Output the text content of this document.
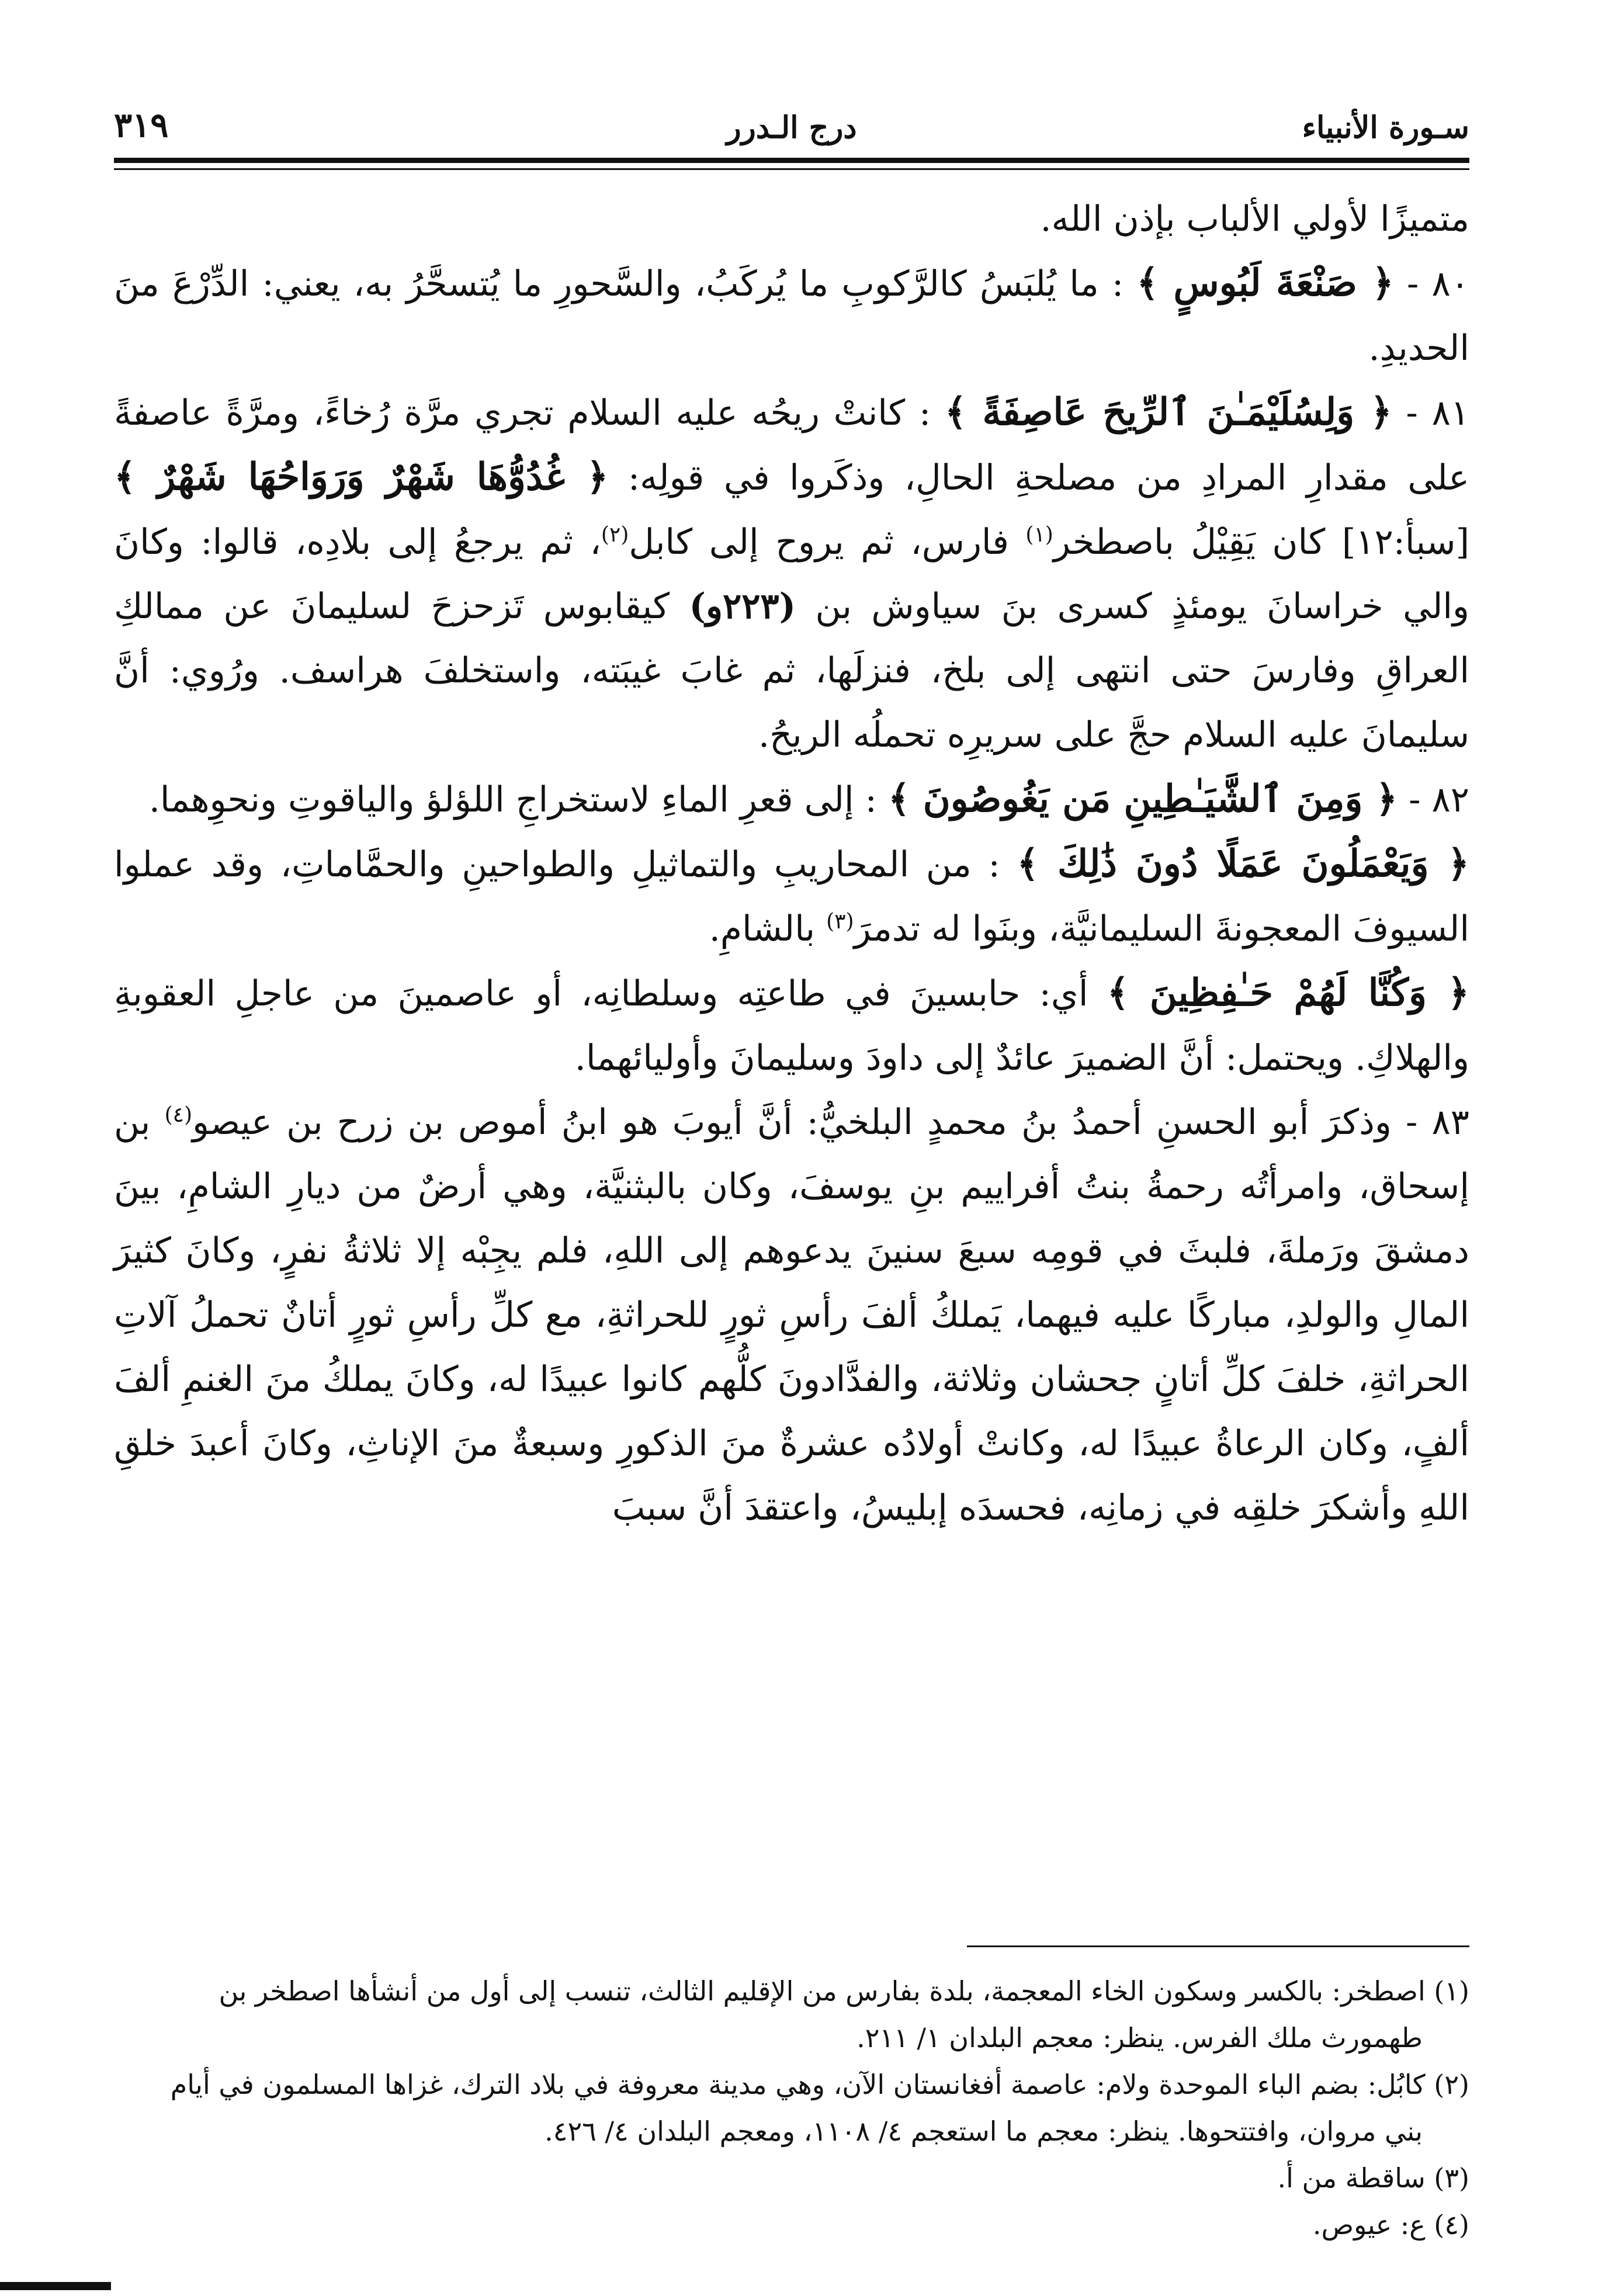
سـورة الأنبياء
درج الـدرر
٣١٩

متميزًا لأولي الألباب بإذن الله.

٨٠ - ﴿ صَنْعَةَ لَبُوسٍ ﴾ : ما يُلبَسُ كالرَّكوبِ ما يُركَبُ، والسَّحورِ ما يُتسحَّرُ به، يعني: الدِّرْعَ منَ الحديدِ.

٨١ - ﴿ وَلِسُلَيْمَـٰنَ ٱلرِّيحَ عَاصِفَةً ﴾ : كانتْ ريحُه عليه السلام تجري مرَّة رُخاءً، ومرَّةً عاصفةً على مقدارِ المرادِ من مصلحةِ الحالِ، وذكَروا في قولِه: ﴿ غُدُوُّهَا شَهْرٌ وَرَوَاحُهَا شَهْرٌ ﴾ [سبأ:١٢] كان يَقِيْلُ باصطخر$^{(١)}$ فارس، ثم يروح إلى كابل$^{(٢)}$، ثم يرجعُ إلى بلادِه، قالوا: وكانَ والي خراسانَ يومئذٍ كسرى بنَ سياوش بن (٢٢٣و) كيقابوس تَزحزحَ لسليمانَ عن ممالكِ العراقِ وفارسَ حتى انتهى إلى بلخ، فنزلَها، ثم غابَ غيبَته، واستخلفَ هراسف. ورُوي: أنَّ سليمانَ عليه السلام حجَّ على سريرِه تحملُه الريحُ.

٨٢ - ﴿ وَمِنَ ٱلشَّيَـٰطِينِ مَن يَغُوصُونَ ﴾ : إلى قعرِ الماءِ لاستخراجِ اللؤلؤ والياقوتِ ونحوِهما.

﴿ وَيَعْمَلُونَ عَمَلًا دُونَ ذَٰلِكَ ﴾ : من المحاريبِ والتماثيلِ والطواحينِ والحمَّاماتِ، وقد عملوا السيوفَ المعجونةَ السليمانيَّة، وبنَوا له تدمرَ$^{(٣)}$ بالشامِ.

﴿ وَكُنَّا لَهُمْ حَـٰفِظِينَ ﴾ أي: حابسينَ في طاعتِه وسلطانِه، أو عاصمينَ من عاجلِ العقوبةِ والهلاكِ. ويحتمل: أنَّ الضميرَ عائدٌ إلى داودَ وسليمانَ وأوليائهما.

٨٣ - وذكرَ أبو الحسنِ أحمدُ بنُ محمدٍ البلخيُّ: أنَّ أيوبَ هو ابنُ أموص بن زرح بن عيصو$^{(٤)}$ بن إسحاق، وامرأتُه رحمةُ بنتُ أفراييم بنِ يوسفَ، وكان بالبثنيَّة، وهي أرضٌ من ديارِ الشامِ، بينَ دمشقَ ورَملةَ، فلبثَ في قومِه سبعَ سنينَ يدعوهم إلى اللهِ، فلم يجِبْه إلا ثلاثةُ نفرٍ، وكانَ كثيرَ المالِ والولدِ، مباركًا عليه فيهما، يَملكُ ألفَ رأسِ ثورٍ للحراثةِ، مع كلِّ رأسِ ثورٍ أتانٌ تحملُ آلاتِ الحراثةِ، خلفَ كلِّ أتانٍ جحشان وثلاثة، والفدَّادونَ كلُّهم كانوا عبيدًا له، وكانَ يملكُ منَ الغنمِ ألفَ ألفٍ، وكان الرعاةُ عبيدًا له، وكانتْ أولادُه عشرةٌ منَ الذكورِ وسبعةٌ منَ الإناثِ، وكانَ أعبدَ خلقِ اللهِ وأشكرَ خلقِه في زمانِه، فحسدَه إبليسُ، واعتقدَ أنَّ سببَ

(١) اصطخر: بالكسر وسكون الخاء المعجمة، بلدة بفارس من الإقليم الثالث، تنسب إلى أول من أنشأها اصطخر بن

طهمورث ملك الفرس. ينظر: معجم البلدان ١/ ٢١١.

(٢) كابُل: بضم الباء الموحدة ولام: عاصمة أفغانستان الآن، وهي مدينة معروفة في بلاد الترك، غزاها المسلمون في أيام

بني مروان، وافتتحوها. ينظر: معجم ما استعجم ٤/ ١١٠٨، ومعجم البلدان ٤/ ٤٢٦.

(٣) ساقطة من أ.

(٤) ع: عيوص.
